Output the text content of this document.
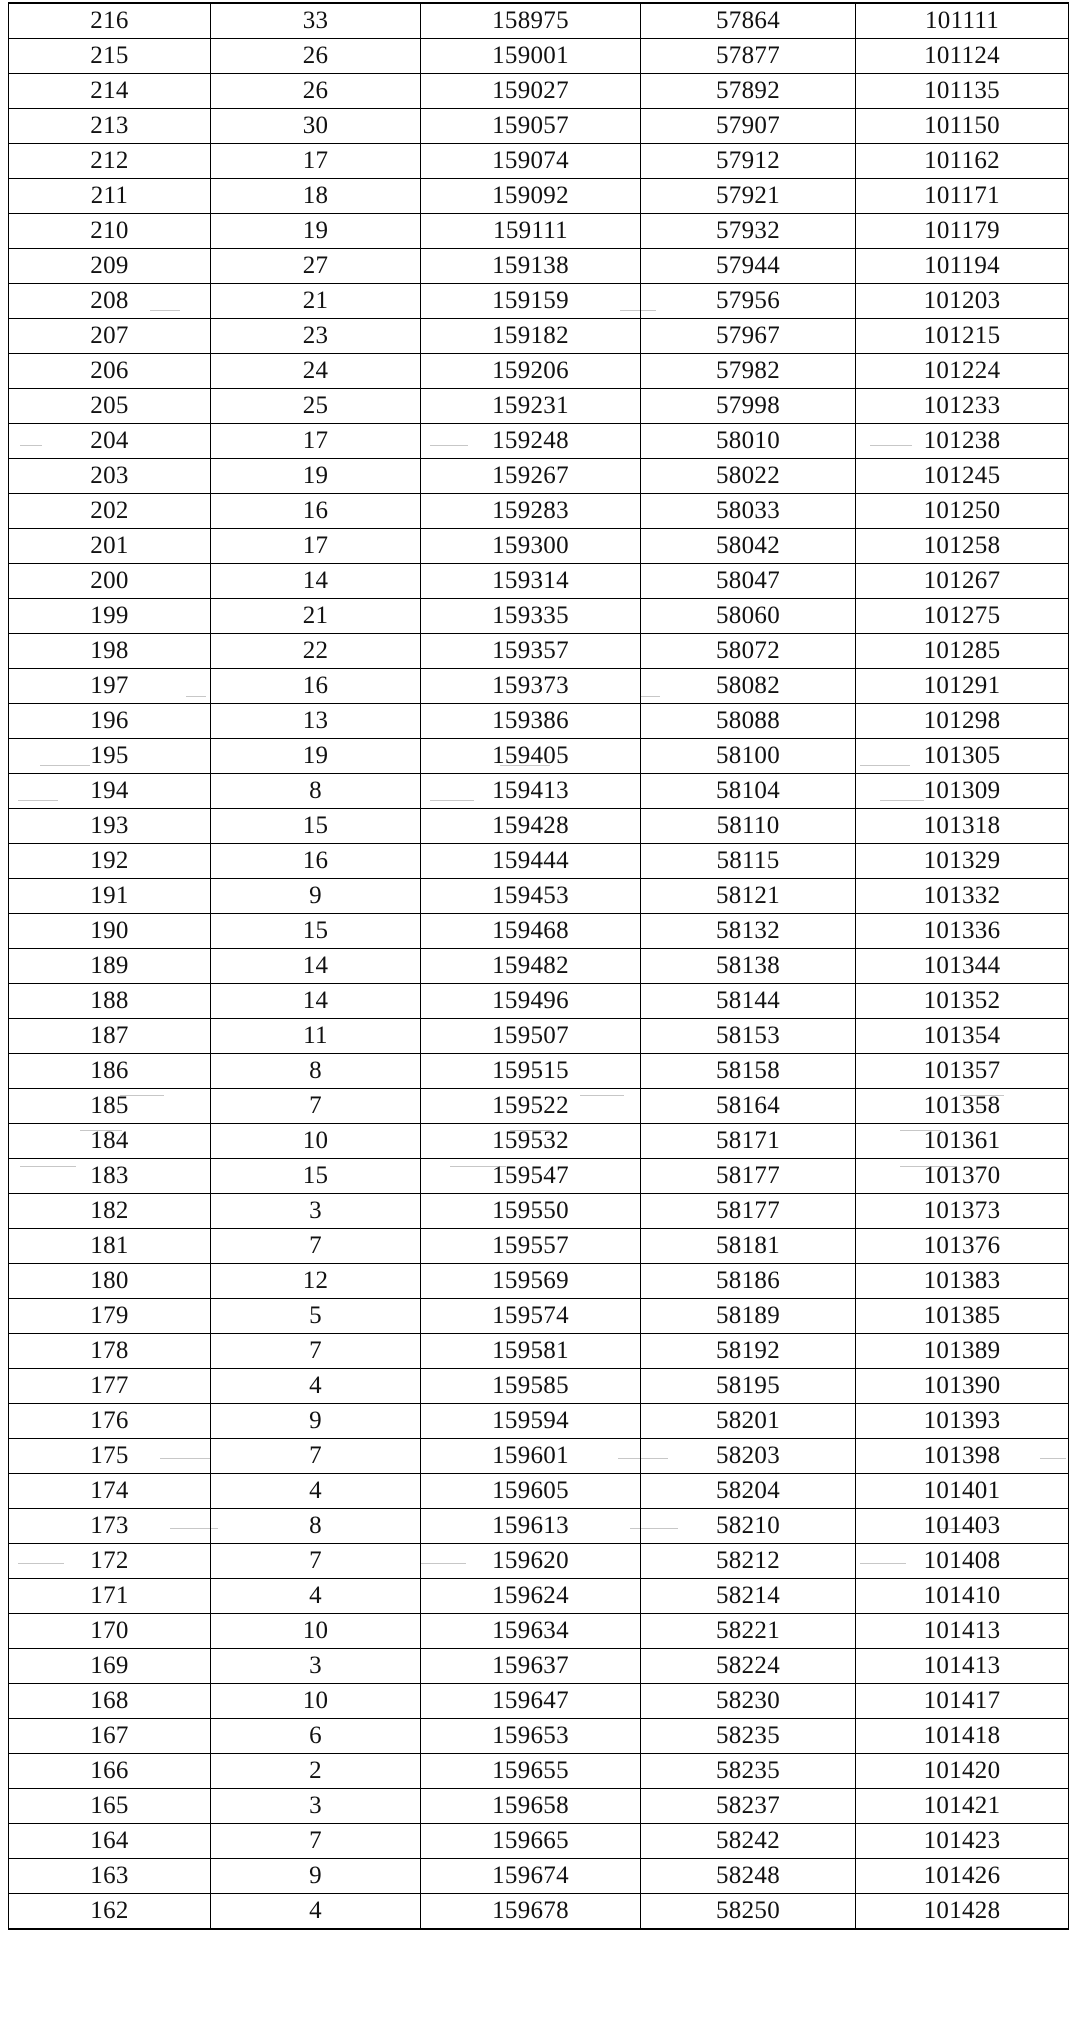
216	33	158975	57864	101111
215	26	159001	57877	101124
214	26	159027	57892	101135
213	30	159057	57907	101150
212	17	159074	57912	101162
211	18	159092	57921	101171
210	19	159111	57932	101179
209	27	159138	57944	101194
208	21	159159	57956	101203
207	23	159182	57967	101215
206	24	159206	57982	101224
205	25	159231	57998	101233
204	17	159248	58010	101238
203	19	159267	58022	101245
202	16	159283	58033	101250
201	17	159300	58042	101258
200	14	159314	58047	101267
199	21	159335	58060	101275
198	22	159357	58072	101285
197	16	159373	58082	101291
196	13	159386	58088	101298
195	19	159405	58100	101305
194	8	159413	58104	101309
193	15	159428	58110	101318
192	16	159444	58115	101329
191	9	159453	58121	101332
190	15	159468	58132	101336
189	14	159482	58138	101344
188	14	159496	58144	101352
187	11	159507	58153	101354
186	8	159515	58158	101357
185	7	159522	58164	101358
184	10	159532	58171	101361
183	15	159547	58177	101370
182	3	159550	58177	101373
181	7	159557	58181	101376
180	12	159569	58186	101383
179	5	159574	58189	101385
178	7	159581	58192	101389
177	4	159585	58195	101390
176	9	159594	58201	101393
175	7	159601	58203	101398
174	4	159605	58204	101401
173	8	159613	58210	101403
172	7	159620	58212	101408
171	4	159624	58214	101410
170	10	159634	58221	101413
169	3	159637	58224	101413
168	10	159647	58230	101417
167	6	159653	58235	101418
166	2	159655	58235	101420
165	3	159658	58237	101421
164	7	159665	58242	101423
163	9	159674	58248	101426
162	4	159678	58250	101428
